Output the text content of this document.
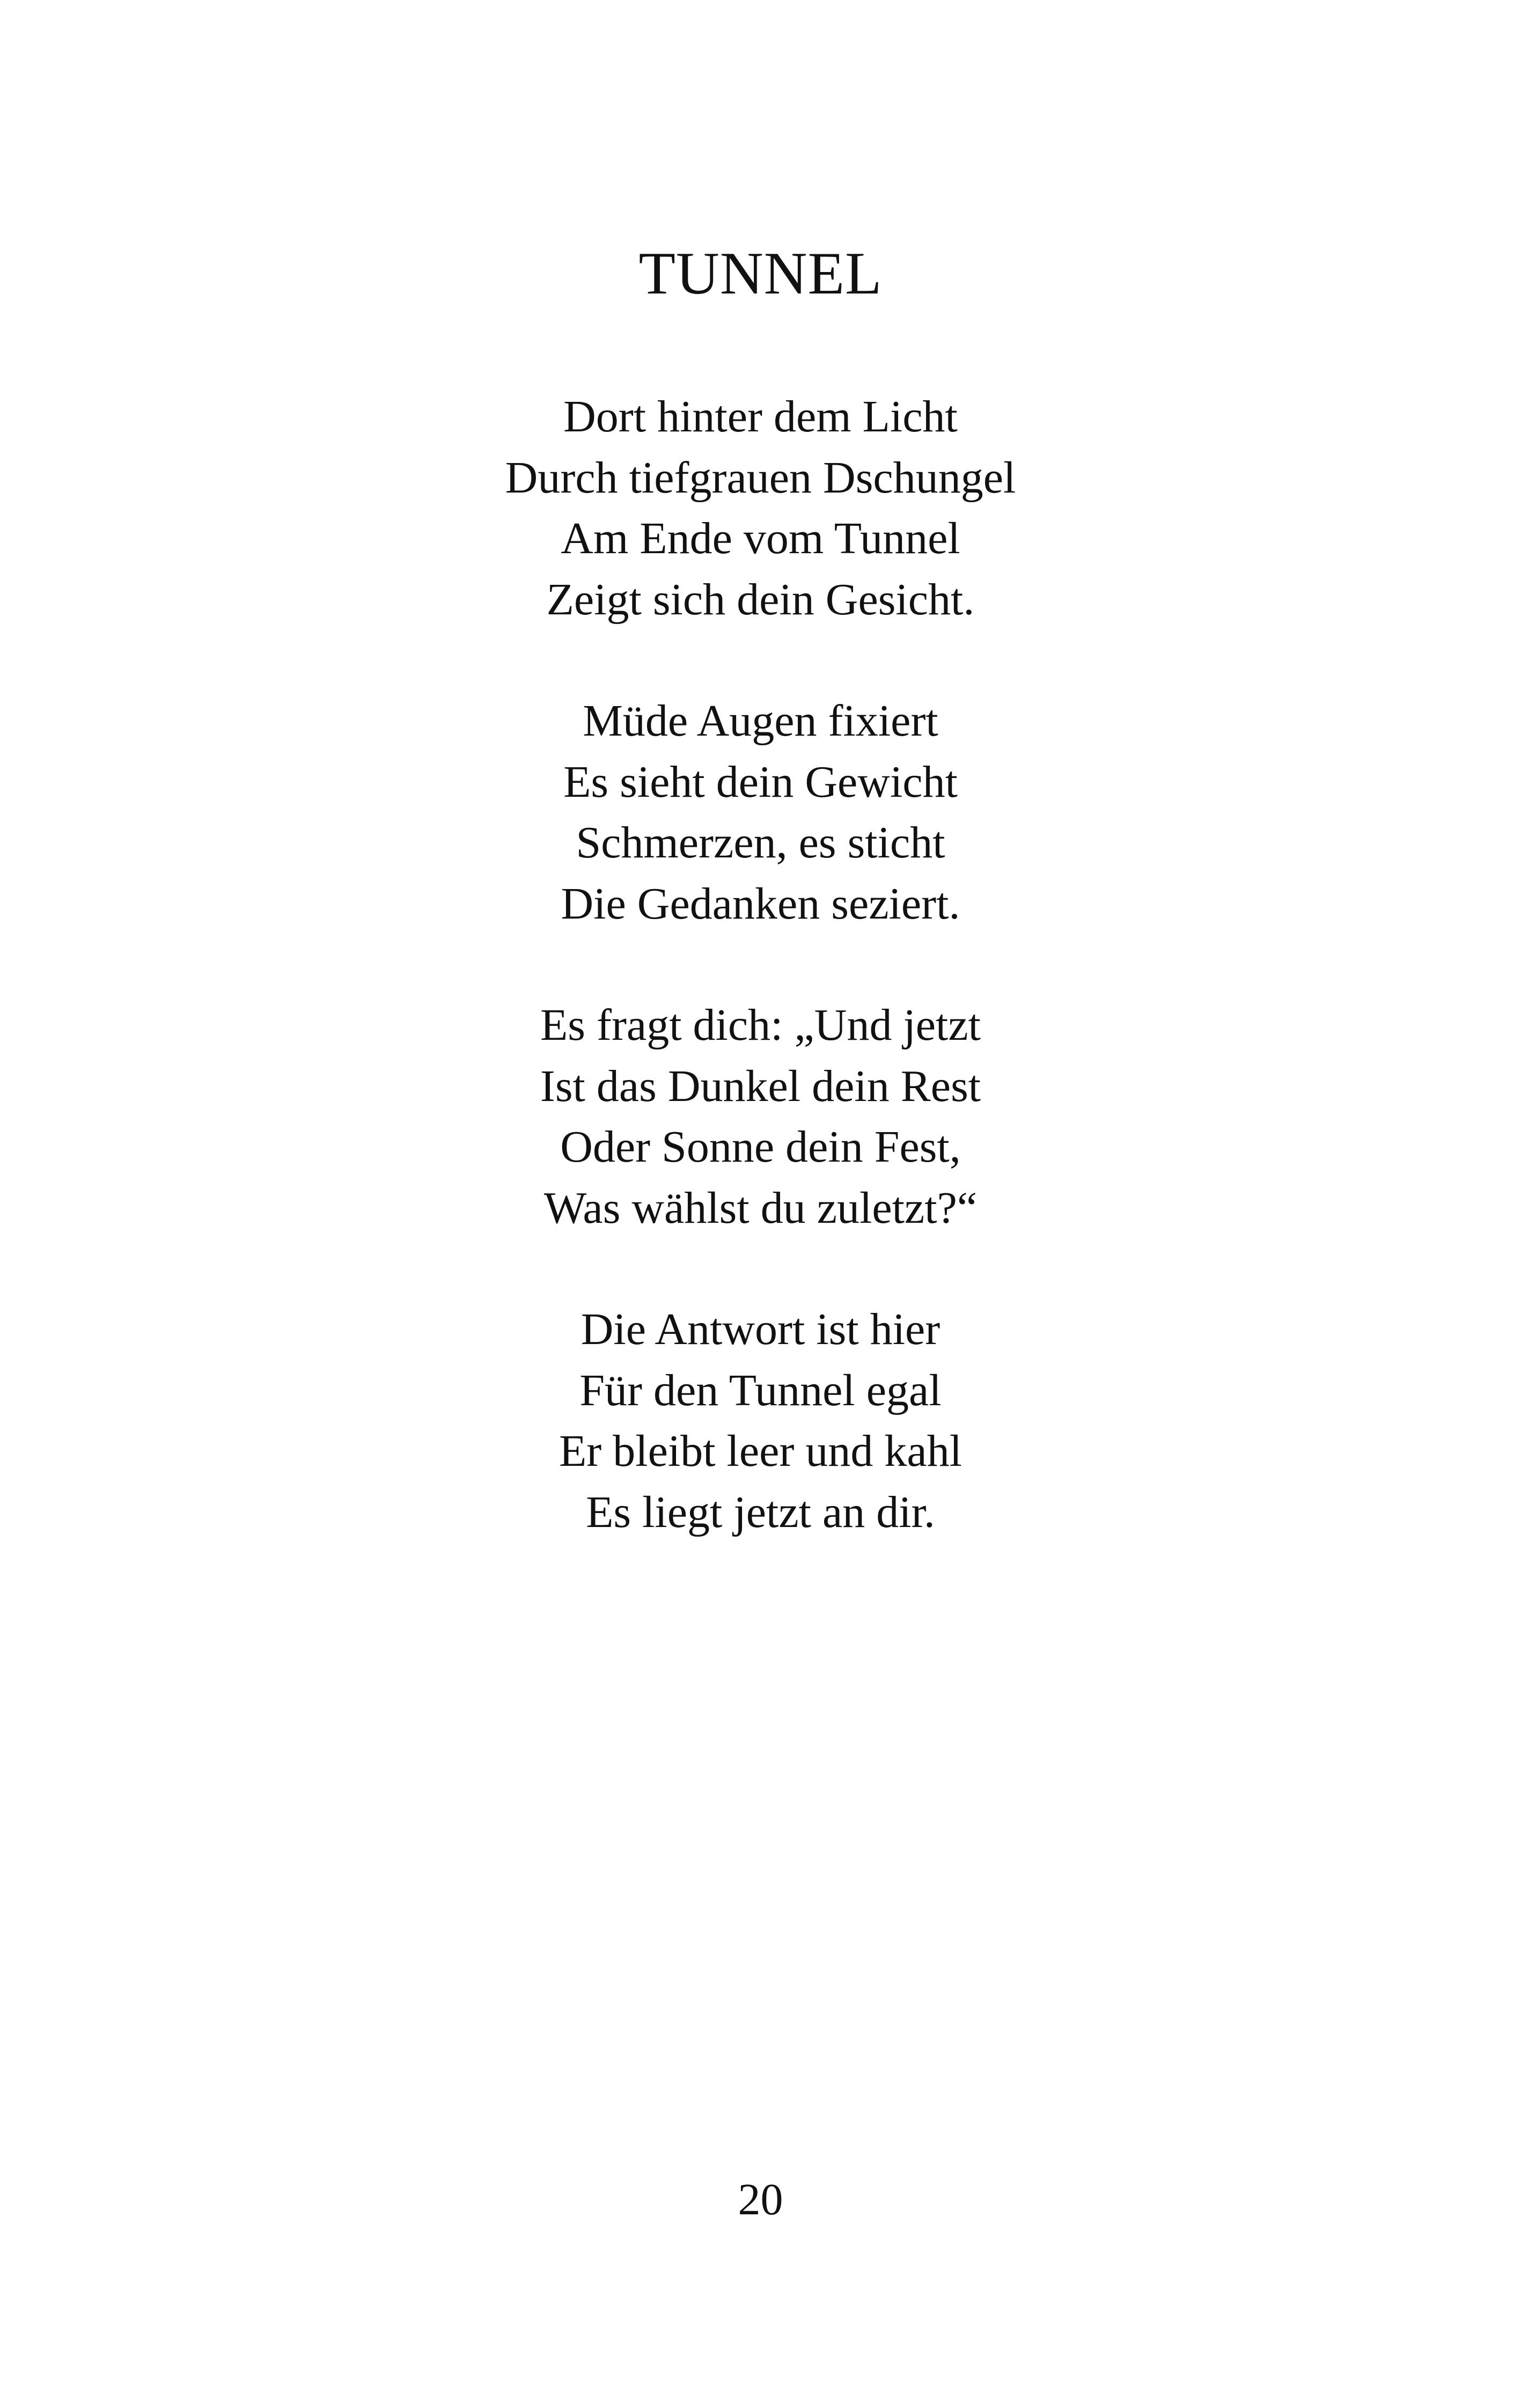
TUNNEL
Dort hinter dem Licht
Durch tiefgrauen Dschungel
Am Ende vom Tunnel
Zeigt sich dein Gesicht.
Müde Augen fixiert
Es sieht dein Gewicht
Schmerzen, es sticht
Die Gedanken seziert.
Es fragt dich: „Und jetzt
Ist das Dunkel dein Rest
Oder Sonne dein Fest,
Was wählst du zuletzt?“
Die Antwort ist hier
Für den Tunnel egal
Er bleibt leer und kahl
Es liegt jetzt an dir.
20
